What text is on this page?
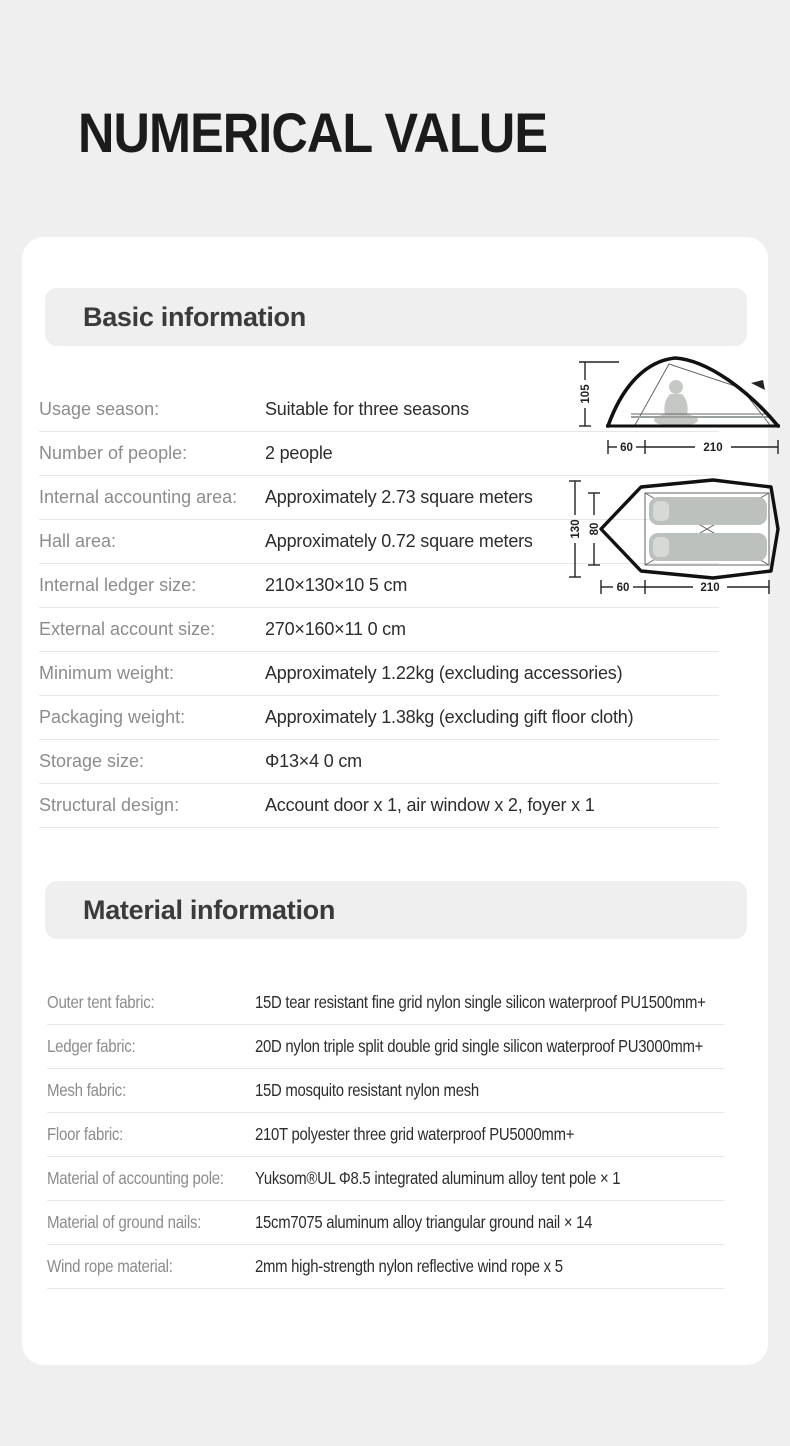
NUMERICAL VALUE
Basic information
Usage season:	Suitable for three seasons
Number of people:	2 people
Internal accounting area:	Approximately 2.73 square meters
Hall area:	Approximately 0.72 square meters
Internal ledger size:	210×130×10 5 cm
External account size:	270×160×11 0 cm
Minimum weight:	Approximately 1.22kg (excluding accessories)
Packaging weight:	Approximately 1.38kg (excluding gift floor cloth)
Storage size:	Φ13×4 0 cm
Structural design:	Account door x 1, air window x 2, foyer x 1
105
60	210
130 80
60	210
Material information
Outer tent fabric:	15D tear resistant fine grid nylon single silicon waterproof PU1500mm+
Ledger fabric:	20D nylon triple split double grid single silicon waterproof PU3000mm+
Mesh fabric:	15D mosquito resistant nylon mesh
Floor fabric:	210T polyester three grid waterproof PU5000mm+
Material of accounting pole: Yuksom®UL Φ8.5 integrated aluminum alloy tent pole × 1
Material of ground nails:	15cm7075 aluminum alloy triangular ground nail × 14
Wind rope material:	2mm high-strength nylon reflective wind rope x 5
